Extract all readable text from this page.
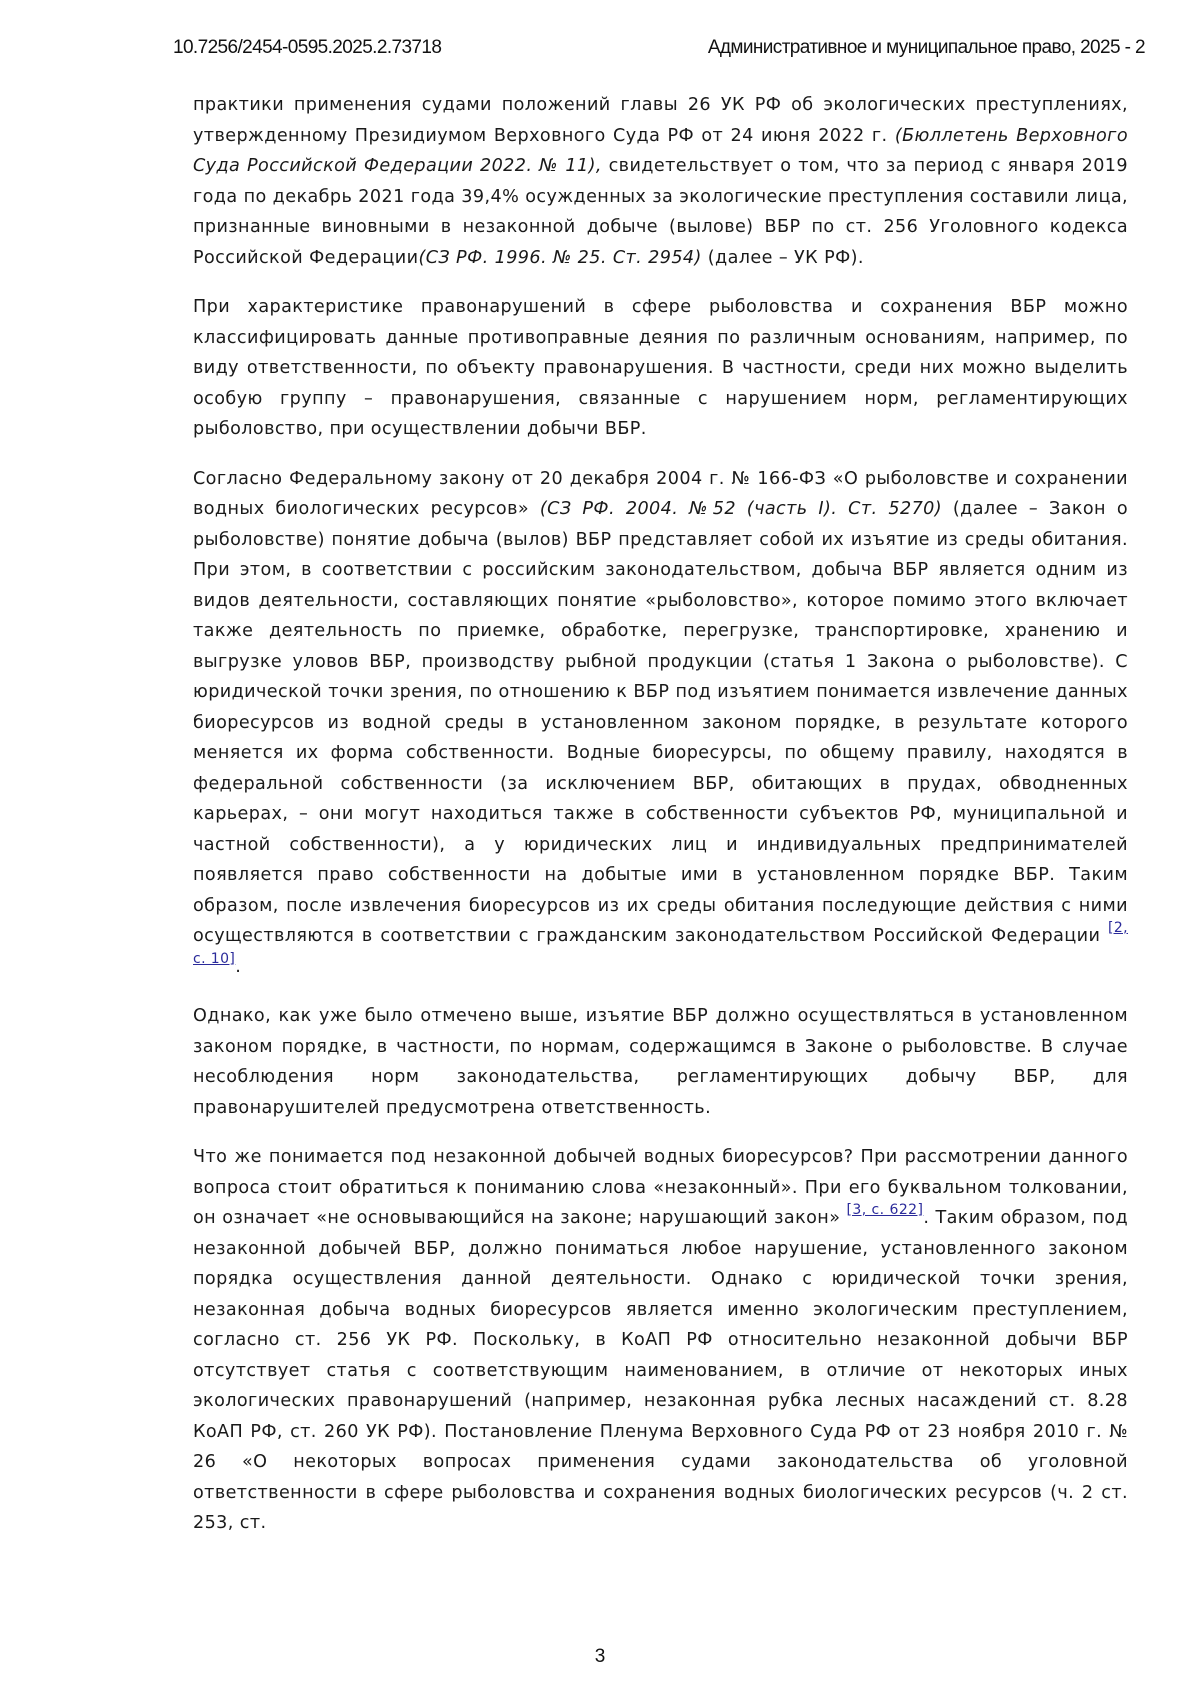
10.7256/2454-0595.2025.2.73718	Административное и муниципальное право, 2025 - 2

практики применения судами положений главы 26 УК РФ об экологических преступлениях, утвержденному Президиумом Верховного Суда РФ от 24 июня 2022 г. (Бюллетень Верховного Суда Российской Федерации 2022. № 11), свидетельствует о том, что за период с января 2019 года по декабрь 2021 года 39,4% осужденных за экологические преступления составили лица, признанные виновными в незаконной добыче (вылове) ВБР по ст. 256 Уголовного кодекса Российской Федерации(СЗ РФ. 1996. № 25. Ст. 2954) (далее – УК РФ).

При характеристике правонарушений в сфере рыболовства и сохранения ВБР можно классифицировать данные противоправные деяния по различным основаниям, например, по виду ответственности, по объекту правонарушения. В частности, среди них можно выделить особую группу – правонарушения, связанные с нарушением норм, регламентирующих рыболовство, при осуществлении добычи ВБР.

Согласно Федеральному закону от 20 декабря 2004 г. № 166-ФЗ «О рыболовстве и сохранении водных биологических ресурсов» (СЗ РФ. 2004. №52 (часть I). Ст. 5270) (далее – Закон о рыболовстве) понятие добыча (вылов) ВБР представляет собой их изъятие из среды обитания. При этом, в соответствии с российским законодательством, добыча ВБР является одним из видов деятельности, составляющих понятие «рыболовство», которое помимо этого включает также деятельность по приемке, обработке, перегрузке, транспортировке, хранению и выгрузке уловов ВБР, производству рыбной продукции (статья 1 Закона о рыболовстве). С юридической точки зрения, по отношению к ВБР под изъятием понимается извлечение данных биоресурсов из водной среды в установленном законом порядке, в результате которого меняется их форма собственности. Водные биоресурсы, по общему правилу, находятся в федеральной собственности (за исключением ВБР, обитающих в прудах, обводненных карьерах, – они могут находиться также в собственности субъектов РФ, муниципальной и частной собственности), а у юридических лиц и индивидуальных предпринимателей появляется право собственности на добытые ими в установленном порядке ВБР. Таким образом, после извлечения биоресурсов из их среды обитания последующие действия с ними осуществляются в соответствии с гражданским законодательством Российской Федерации [2, с. 10].

Однако, как уже было отмечено выше, изъятие ВБР должно осуществляться в установленном законом порядке, в частности, по нормам, содержащимся в Законе о рыболовстве. В случае несоблюдения норм законодательства, регламентирующих добычу ВБР, для правонарушителей предусмотрена ответственность.

Что же понимается под незаконной добычей водных биоресурсов? При рассмотрении данного вопроса стоит обратиться к пониманию слова «незаконный». При его буквальном толковании, он означает «не основывающийся на законе; нарушающий закон» [3, с. 622]. Таким образом, под незаконной добычей ВБР, должно пониматься любое нарушение, установленного законом порядка осуществления данной деятельности. Однако с юридической точки зрения, незаконная добыча водных биоресурсов является именно экологическим преступлением, согласно ст. 256 УК РФ. Поскольку, в КоАП РФ относительно незаконной добычи ВБР отсутствует статья с соответствующим наименованием, в отличие от некоторых иных экологических правонарушений (например, незаконная рубка лесных насаждений ст. 8.28 КоАП РФ, ст. 260 УК РФ). Постановление Пленума Верховного Суда РФ от 23 ноября 2010 г. № 26 «О некоторых вопросах применения судами законодательства об уголовной ответственности в сфере рыболовства и сохранения водных биологических ресурсов (ч. 2 ст. 253, ст.

3
